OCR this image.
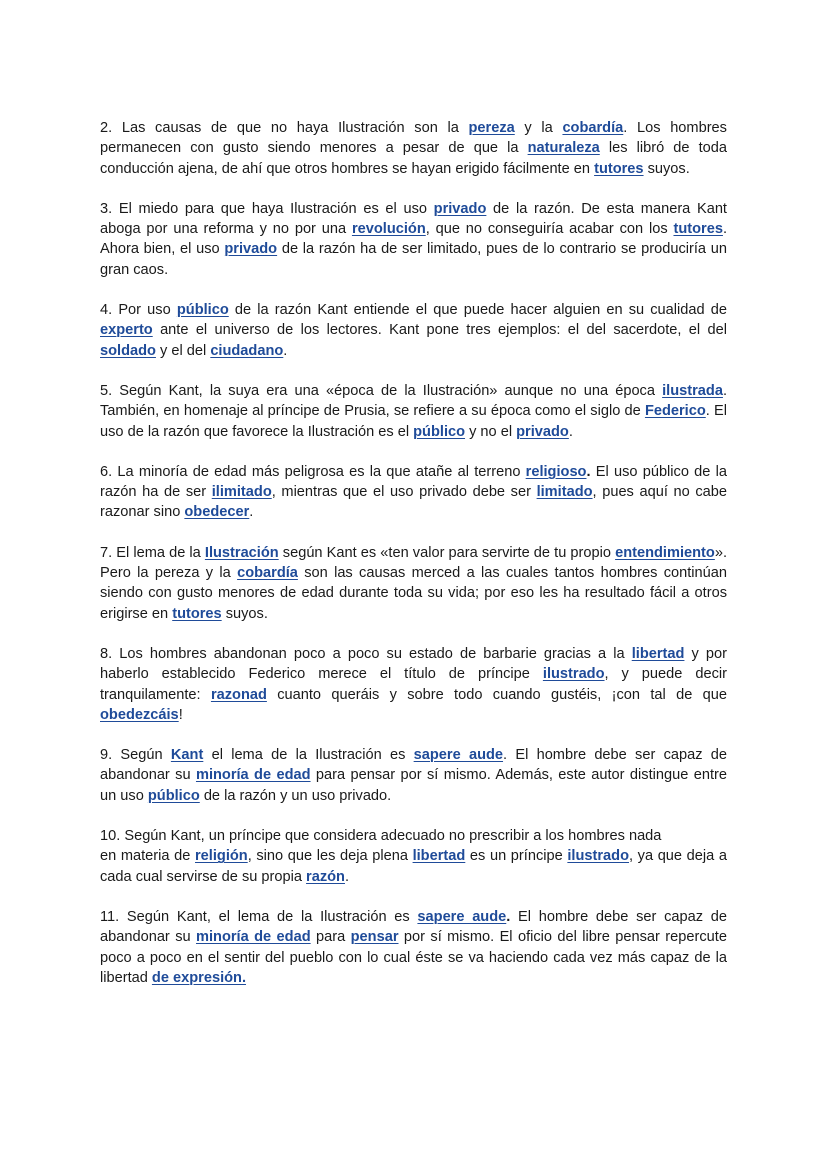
2. Las causas de que no haya Ilustración son la pereza y la cobardía. Los hombres permanecen con gusto siendo menores a pesar de que la naturaleza les libró de toda conducción ajena, de ahí que otros hombres se hayan erigido fácilmente en tutores suyos.

3. El miedo para que haya Ilustración es el uso privado de la razón. De esta manera Kant aboga por una reforma y no por una revolución, que no conseguiría acabar con los tutores. Ahora bien, el uso privado de la razón ha de ser limitado, pues de lo contrario se produciría un gran caos.

4. Por uso público de la razón Kant entiende el que puede hacer alguien en su cualidad de experto ante el universo de los lectores. Kant pone tres ejemplos: el del sacerdote, el del soldado y el del ciudadano.

5. Según Kant, la suya era una «época de la Ilustración» aunque no una época ilustrada. También, en homenaje al príncipe de Prusia, se refiere a su época como el siglo de Federico. El uso de la razón que favorece la Ilustración es el público y no el privado.

6. La minoría de edad más peligrosa es la que atañe al terreno religioso. El uso público de la razón ha de ser ilimitado, mientras que el uso privado debe ser limitado, pues aquí no cabe razonar sino obedecer.

7. El lema de la Ilustración según Kant es «ten valor para servirte de tu propio entendimiento». Pero la pereza y la cobardía son las causas merced a las cuales tantos hombres continúan siendo con gusto menores de edad durante toda su vida; por eso les ha resultado fácil a otros erigirse en tutores suyos.

8. Los hombres abandonan poco a poco su estado de barbarie gracias a la libertad y por haberlo establecido Federico merece el título de príncipe ilustrado, y puede decir tranquilamente: razonad cuanto queráis y sobre todo cuando gustéis, ¡con tal de que obedezcáis!

9. Según Kant el lema de la Ilustración es sapere aude. El hombre debe ser capaz de abandonar su minoría de edad para pensar por sí mismo. Además, este autor distingue entre un uso público de la razón y un uso privado.

10. Según Kant, un príncipe que considera adecuado no prescribir a los hombres nada
en materia de religión, sino que les deja plena libertad es un príncipe ilustrado, ya que deja a cada cual servirse de su propia razón.

11. Según Kant, el lema de la Ilustración es sapere aude. El hombre debe ser capaz de abandonar su minoría de edad para pensar por sí mismo. El oficio del libre pensar repercute poco a poco en el sentir del pueblo con lo cual éste se va haciendo cada vez más capaz de la libertad de expresión.
